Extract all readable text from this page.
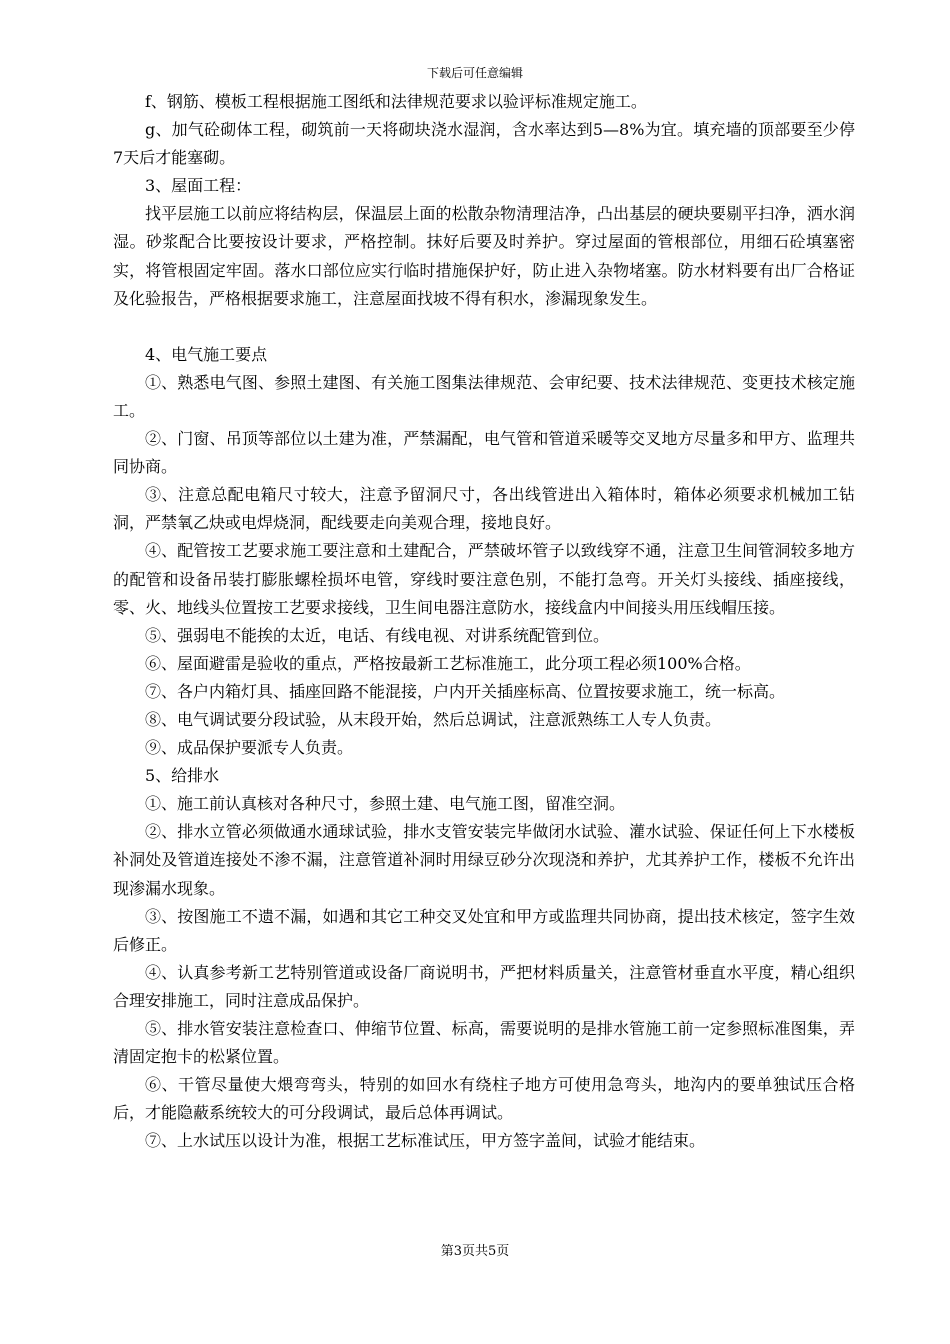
下载后可任意编辑

f、钢筋、模板工程根据施工图纸和法律规范要求以验评标准规定施工。

g、加气砼砌体工程，砌筑前一天将砌块浇水湿润，含水率达到5—8%为宜。填充墙的顶部要至少停7天后才能塞砌。

3、屋面工程：

找平层施工以前应将结构层，保温层上面的松散杂物清理洁净，凸出基层的硬块要剔平扫净，洒水润湿。砂浆配合比要按设计要求，严格控制。抹好后要及时养护。穿过屋面的管根部位，用细石砼填塞密实，将管根固定牢固。落水口部位应实行临时措施保护好，防止进入杂物堵塞。防水材料要有出厂合格证及化验报告，严格根据要求施工，注意屋面找坡不得有积水，渗漏现象发生。

4、电气施工要点

①、熟悉电气图、参照土建图、有关施工图集法律规范、会审纪要、技术法律规范、变更技术核定施工。

②、门窗、吊顶等部位以土建为准，严禁漏配，电气管和管道采暖等交叉地方尽量多和甲方、监理共同协商。

③、注意总配电箱尺寸较大，注意予留洞尺寸，各出线管进出入箱体时，箱体必须要求机械加工钻洞，严禁氧乙炔或电焊烧洞，配线要走向美观合理，接地良好。

④、配管按工艺要求施工要注意和土建配合，严禁破坏管子以致线穿不通，注意卫生间管洞较多地方的配管和设备吊装打膨胀螺栓损坏电管，穿线时要注意色别，不能打急弯。开关灯头接线、插座接线，零、火、地线头位置按工艺要求接线，卫生间电器注意防水，接线盒内中间接头用压线帽压接。

⑤、强弱电不能挨的太近，电话、有线电视、对讲系统配管到位。

⑥、屋面避雷是验收的重点，严格按最新工艺标准施工，此分项工程必须100%合格。

⑦、各户内箱灯具、插座回路不能混接，户内开关插座标高、位置按要求施工，统一标高。

⑧、电气调试要分段试验，从末段开始，然后总调试，注意派熟练工人专人负责。

⑨、成品保护要派专人负责。

5、给排水

①、施工前认真核对各种尺寸，参照土建、电气施工图，留准空洞。

②、排水立管必须做通水通球试验，排水支管安装完毕做闭水试验、灌水试验、保证任何上下水楼板补洞处及管道连接处不渗不漏，注意管道补洞时用绿豆砂分次现浇和养护，尤其养护工作，楼板不允许出现渗漏水现象。

③、按图施工不遗不漏，如遇和其它工种交叉处宜和甲方或监理共同协商，提出技术核定，签字生效后修正。

④、认真参考新工艺特别管道或设备厂商说明书，严把材料质量关，注意管材垂直水平度，精心组织合理安排施工，同时注意成品保护。

⑤、排水管安装注意检查口、伸缩节位置、标高，需要说明的是排水管施工前一定参照标准图集，弄清固定抱卡的松紧位置。

⑥、干管尽量使大煨弯弯头，特别的如回水有绕柱子地方可使用急弯头，地沟内的要单独试压合格后，才能隐蔽系统较大的可分段调试，最后总体再调试。

⑦、上水试压以设计为准，根据工艺标准试压，甲方签字盖间，试验才能结束。

第3页共5页
